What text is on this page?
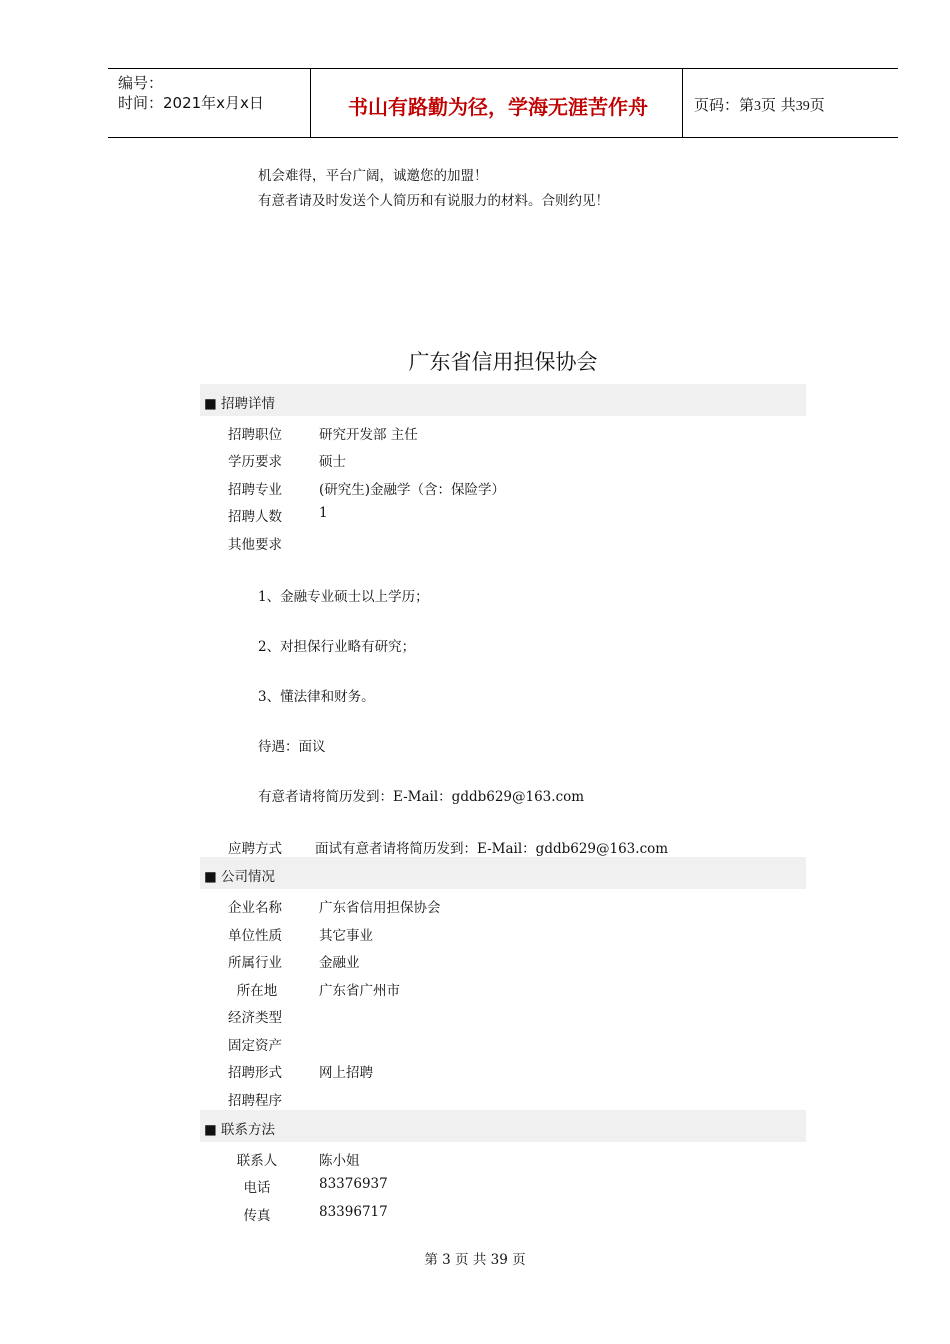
编号：
时间：2021年x月x日	书山有路勤为径，学海无涯苦作舟	页码：第3页 共39页
机会难得，平台广阔，诚邀您的加盟！
有意者请及时发送个人简历和有说服力的材料。合则约见！
广东省信用担保协会
■ 招聘详情
招聘职位	研究开发部 主任
学历要求	硕士
招聘专业	(研究生)金融学（含：保险学）
招聘人数	1
其他要求
1、金融专业硕士以上学历；
2、对担保行业略有研究；
3、懂法律和财务。
待遇：面议
有意者请将简历发到：E-Mail：gddb629@163.com
应聘方式	面试有意者请将简历发到：E-Mail：gddb629@163.com
■ 公司情况
企业名称	广东省信用担保协会
单位性质	其它事业
所属行业	金融业
所在地	广东省广州市
经济类型
固定资产
招聘形式	网上招聘
招聘程序
■ 联系方法
联系人	陈小姐
电话	83376937
传真	83396717
第 3 页 共 39 页
